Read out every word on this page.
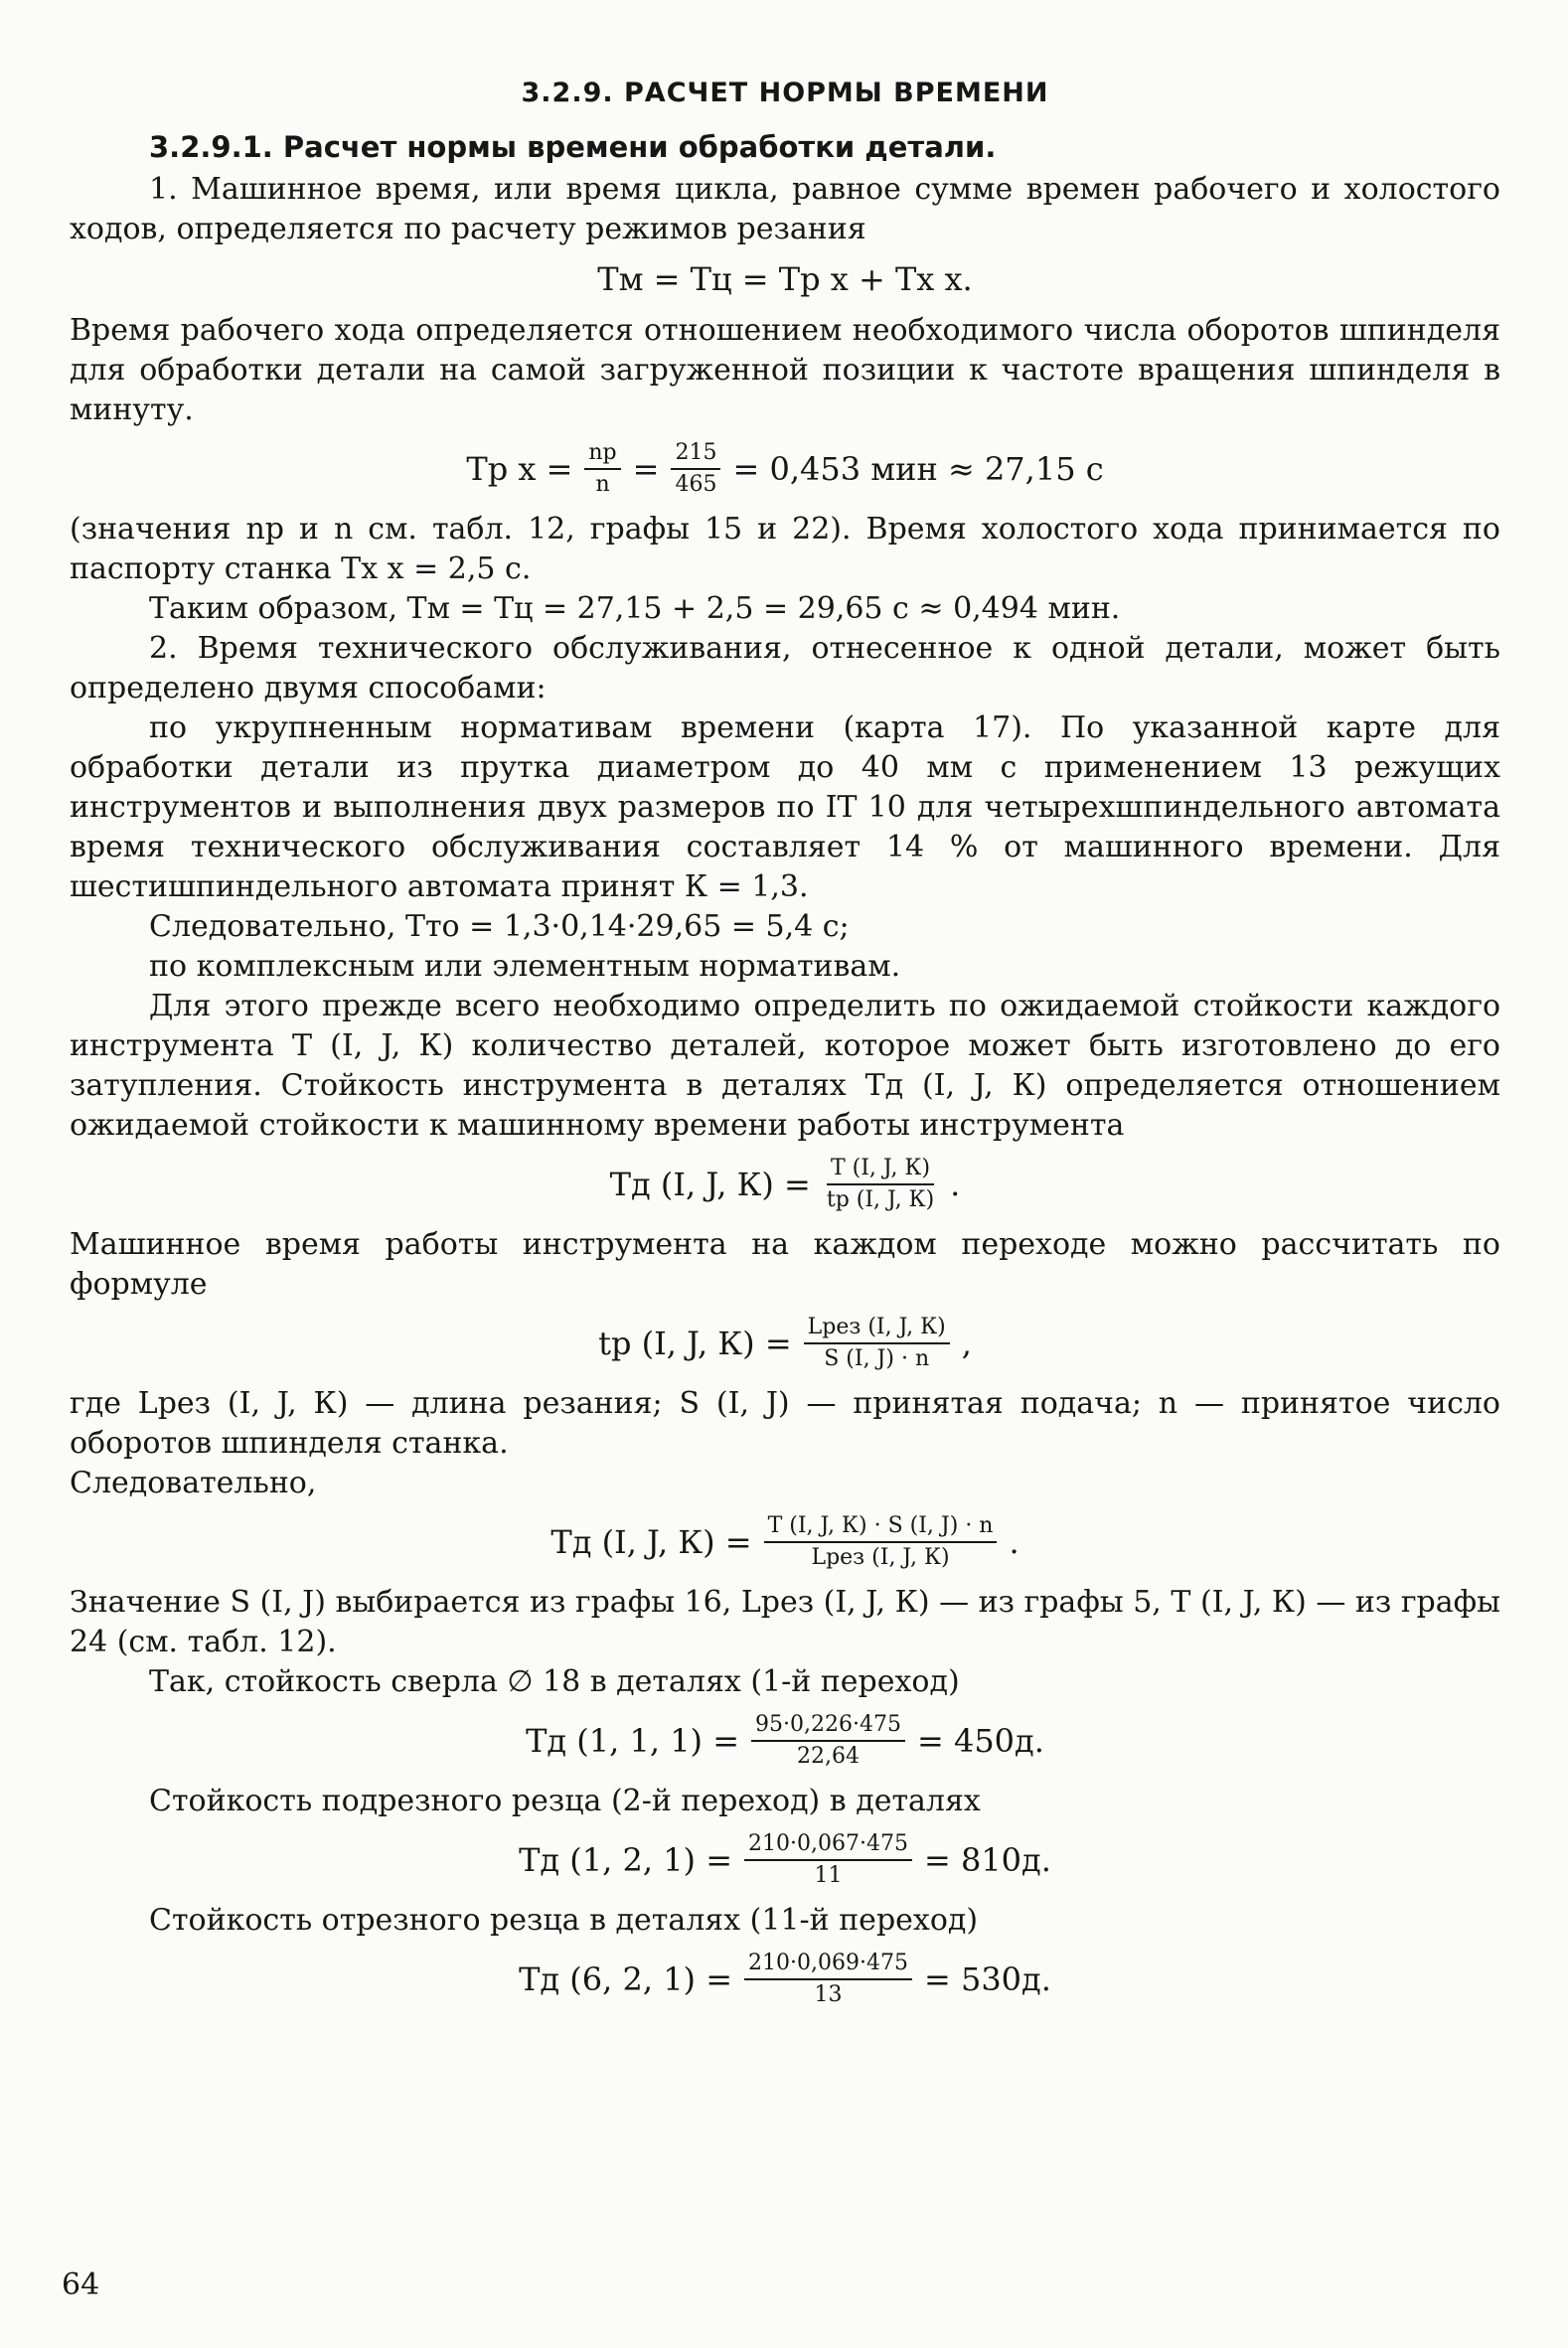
3.2.9. РАСЧЕТ НОРМЫ ВРЕМЕНИ
3.2.9.1. Расчет нормы времени обработки детали.

1. Машинное время, или время цикла, равное сумме времен рабочего и холостого ходов, определяется по расчету режимов резания

Тм = Тц = Тр х + Тх х.

Время рабочего хода определяется отношением необходимого числа оборотов шпинделя для обработки детали на самой загруженной позиции к частоте вращения шпинделя в минуту.

Тр $х = \frac{nр}{n} = \frac{215}{465} = 0,453$ мин ≈ 27,15 с

(значения nр и n см. табл. 12, графы 15 и 22). Время холостого хода принимается по паспорту станка Тх х = 2,5 с.

Таким образом, Тм = Тц = 27,15 + 2,5 = 29,65 с ≈ 0,494 мин.

2. Время технического обслуживания, отнесенное к одной детали, может быть определено двумя способами:

по укрупненным нормативам времени (карта 17). По указанной карте для обработки детали из прутка диаметром до 40 мм с применением 13 режущих инструментов и выполнения двух размеров по IT 10 для четырехшпиндельного автомата время технического обслуживания составляет 14 % от машинного времени. Для шестишпиндельного автомата принят К = 1,3.

Следовательно, Тто = 1,3·0,14·29,65 = 5,4 с;

по комплексным или элементным нормативам.

Для этого прежде всего необходимо определить по ожидаемой стойкости каждого инструмента Т (I, J, К) количество деталей, которое может быть изготовлено до его затупления. Стойкость инструмента в деталях Тд (I, J, К) определяется отношением ожидаемой стойкости к машинному времени работы инструмента

Тд (I, J, $К) = \frac{Т (I, J, К)}{tр (I, J, К)}$ .

Машинное время работы инструмента на каждом переходе можно рассчитать по формуле

tр (I, J, $К) = \frac{\text{Lрез (I, J, К)}}{S (I, J) \cdot n}$ ,

где Lрез (I, J, К) — длина резания; S (I, J) — принятая подача; n — принятое число оборотов шпинделя станка.

Следовательно,

Тд (I, J, $К) = \frac{Т (I, J, К) \cdot S (I, J) \cdot n}{\text{Lрез (I, J, К)}}$ .

Значение S (I, J) выбирается из графы 16, Lрез (I, J, К) — из графы 5, Т (I, J, К) — из графы 24 (см. табл. 12).

Так, стойкость сверла ∅ 18 в деталях (1-й переход)

Тд (1, 1, $1) = \frac{95\cdot 0,226\cdot 475}{22,64} = 450д$.

Стойкость подрезного резца (2-й переход) в деталях

Тд (1, 2, $1) = \frac{210\cdot 0,067\cdot 475}{11} = 810д$.

Стойкость отрезного резца в деталях (11-й переход)

Тд (6, 2, $1) = \frac{210\cdot 0,069\cdot 475}{13} = 530д$.
64
